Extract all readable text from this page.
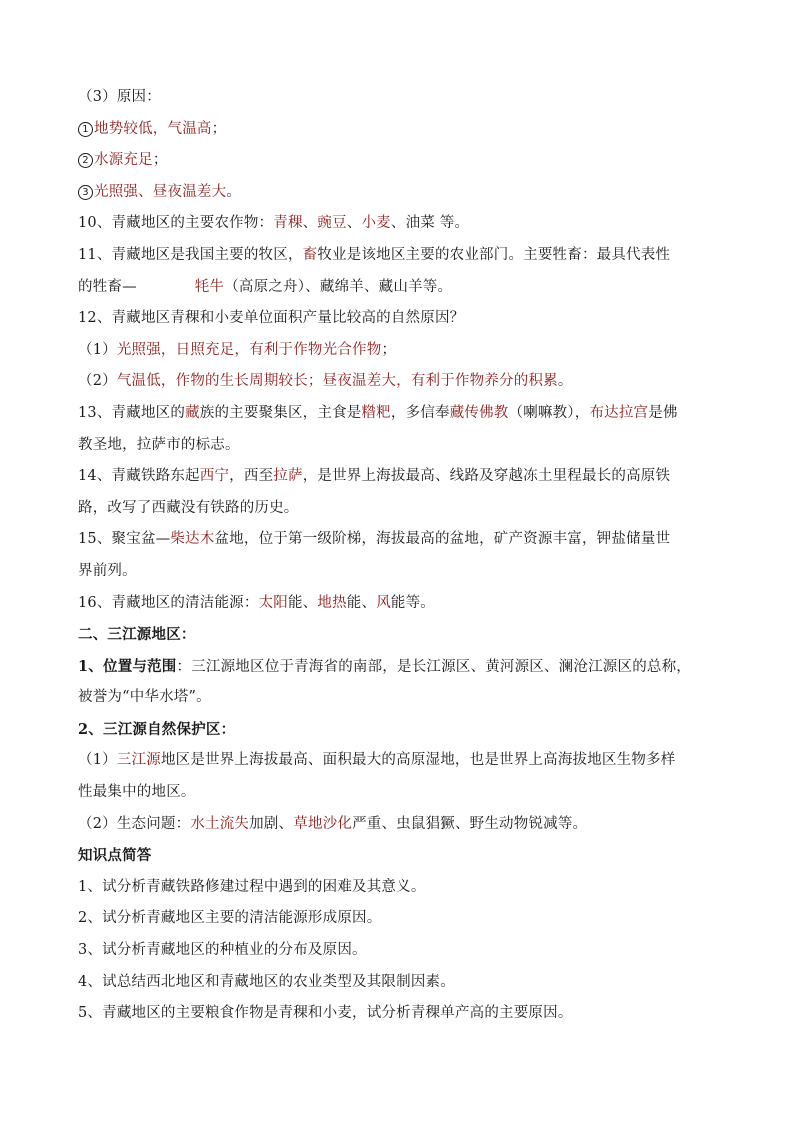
（3）原因：
1 地势较低，气温高；
2 水源充足；
3 光照强、昼夜温差大。
10、青藏地区的主要农作物：青稞、豌豆、小麦、油菜 等。
11、青藏地区是我国主要的牧区，畜牧业是该地区主要的农业部门。主要牲畜：最具代表性
的牲畜—	牦牛（高原之舟）、藏绵羊、藏山羊等。
12、青藏地区青稞和小麦单位面积产量比较高的自然原因？
（1）光照强，日照充足，有利于作物光合作物；
（2）气温低，作物的生长周期较长；昼夜温差大，有利于作物养分的积累。
13、青藏地区的藏族的主要聚集区，主食是糌粑，多信奉藏传佛教（喇嘛教），布达拉宫是佛
教圣地，拉萨市的标志。
14、青藏铁路东起西宁，西至拉萨，是世界上海拔最高、线路及穿越冻土里程最长的高原铁
路，改写了西藏没有铁路的历史。
15、聚宝盆—柴达木盆地，位于第一级阶梯，海拔最高的盆地，矿产资源丰富，钾盐储量世
界前列。
16、青藏地区的清洁能源：太阳能、地热能、风能等。
二、三江源地区：
1、位置与范围：三江源地区位于青海省的南部，是长江源区、黄河源区、澜沧江源区的总称，
被誉为“中华水塔”。
2、三江源自然保护区：
（1）三江源地区是世界上海拔最高、面积最大的高原湿地，也是世界上高海拔地区生物多样
性最集中的地区。
（2）生态问题：水土流失加剧、草地沙化严重、虫鼠猖獗、野生动物锐减等。
知识点简答
1、试分析青藏铁路修建过程中遇到的困难及其意义。
2、试分析青藏地区主要的清洁能源形成原因。
3、试分析青藏地区的种植业的分布及原因。
4、试总结西北地区和青藏地区的农业类型及其限制因素。
5、青藏地区的主要粮食作物是青稞和小麦，试分析青稞单产高的主要原因。
